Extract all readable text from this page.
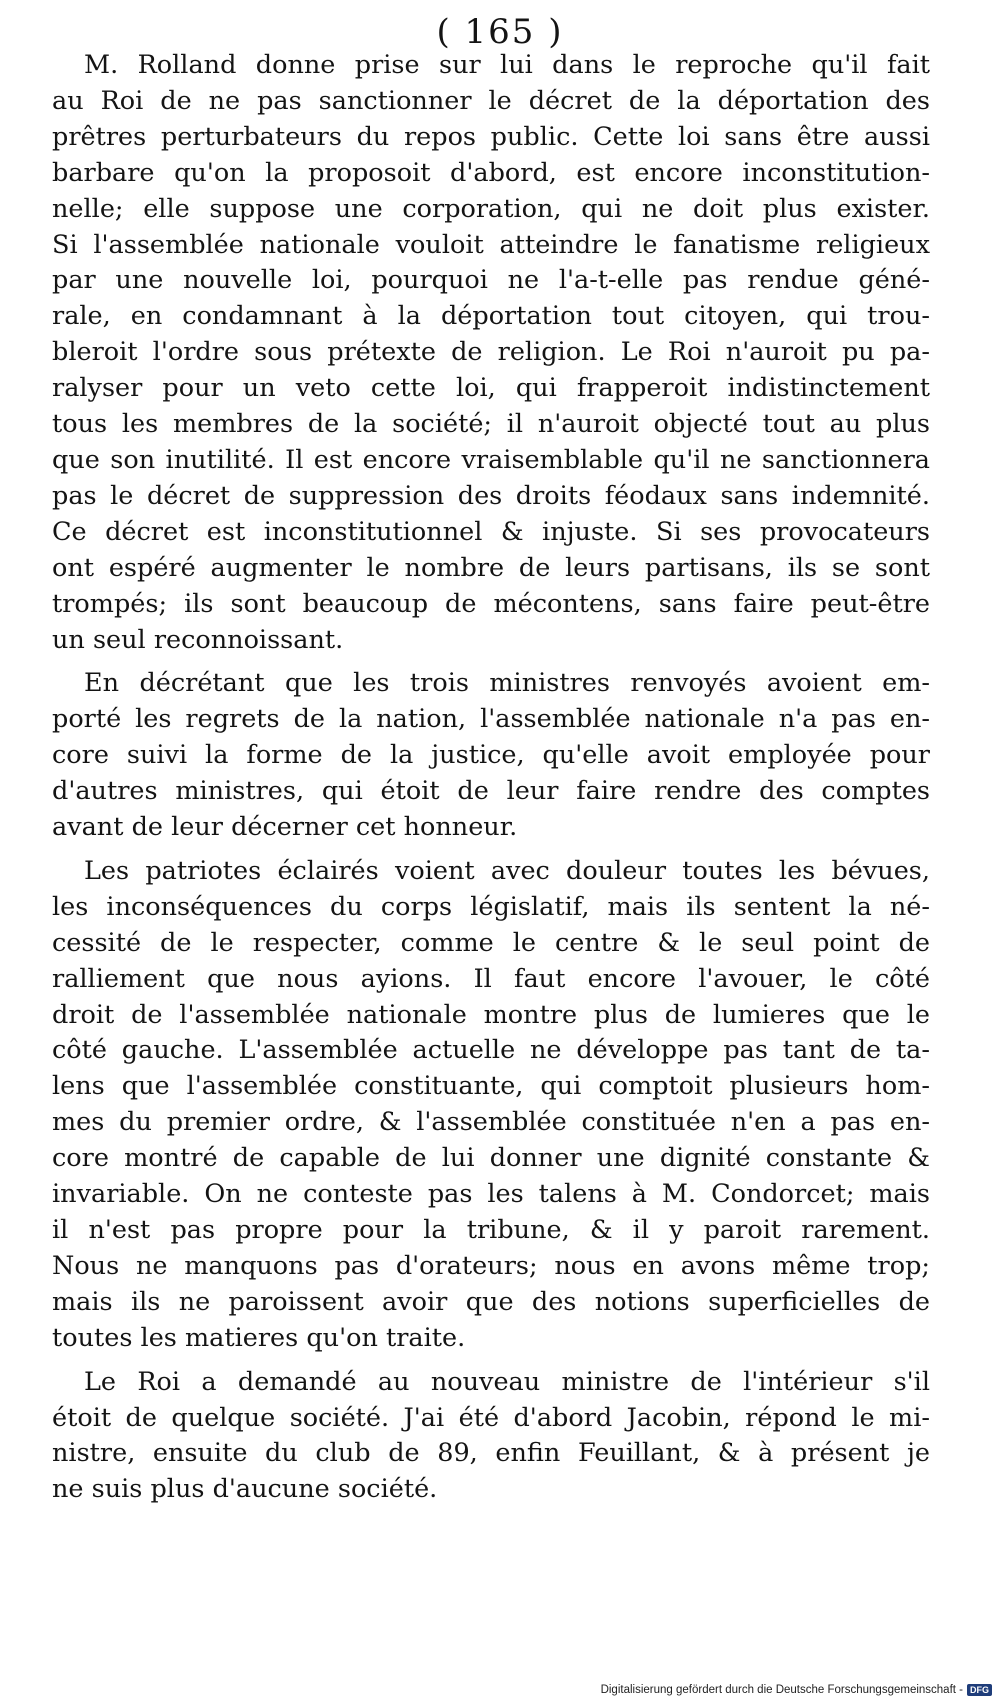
( 165 )
M. Rolland donne prise sur lui dans le reproche qu'il fait
au Roi de ne pas sanctionner le décret de la déportation des
prêtres perturbateurs du repos public. Cette loi sans être aussi
barbare qu'on la proposoit d'abord, est encore inconstitution-
nelle; elle suppose une corporation, qui ne doit plus exister.
Si l'assemblée nationale vouloit atteindre le fanatisme religieux
par une nouvelle loi, pourquoi ne l'a-t-elle pas rendue géné-
rale, en condamnant à la déportation tout citoyen, qui trou-
bleroit l'ordre sous prétexte de religion. Le Roi n'auroit pu pa-
ralyser pour un veto cette loi, qui frapperoit indistinctement
tous les membres de la société; il n'auroit objecté tout au plus
que son inutilité. Il est encore vraisemblable qu'il ne sanctionnera
pas le décret de suppression des droits féodaux sans indemnité.
Ce décret est inconstitutionnel & injuste. Si ses provocateurs
ont espéré augmenter le nombre de leurs partisans, ils se sont
trompés; ils sont beaucoup de mécontens, sans faire peut-être
un seul reconnoissant.
En décrétant que les trois ministres renvoyés avoient em-
porté les regrets de la nation, l'assemblée nationale n'a pas en-
core suivi la forme de la justice, qu'elle avoit employée pour
d'autres ministres, qui étoit de leur faire rendre des comptes
avant de leur décerner cet honneur.
Les patriotes éclairés voient avec douleur toutes les bévues,
les inconséquences du corps législatif, mais ils sentent la né-
cessité de le respecter, comme le centre & le seul point de
ralliement que nous ayions. Il faut encore l'avouer, le côté
droit de l'assemblée nationale montre plus de lumieres que le
côté gauche. L'assemblée actuelle ne développe pas tant de ta-
lens que l'assemblée constituante, qui comptoit plusieurs hom-
mes du premier ordre, & l'assemblée constituée n'en a pas en-
core montré de capable de lui donner une dignité constante &
invariable. On ne conteste pas les talens à M. Condorcet; mais
il n'est pas propre pour la tribune, & il y paroit rarement.
Nous ne manquons pas d'orateurs; nous en avons même trop;
mais ils ne paroissent avoir que des notions superficielles de
toutes les matieres qu'on traite.
Le Roi a demandé au nouveau ministre de l'intérieur s'il
étoit de quelque société. J'ai été d'abord Jacobin, répond le mi-
nistre, ensuite du club de 89, enfin Feuillant, & à présent je
ne suis plus d'aucune société.
Digitalisierung gefördert durch die Deutsche Forschungsgemeinschaft - DFG
